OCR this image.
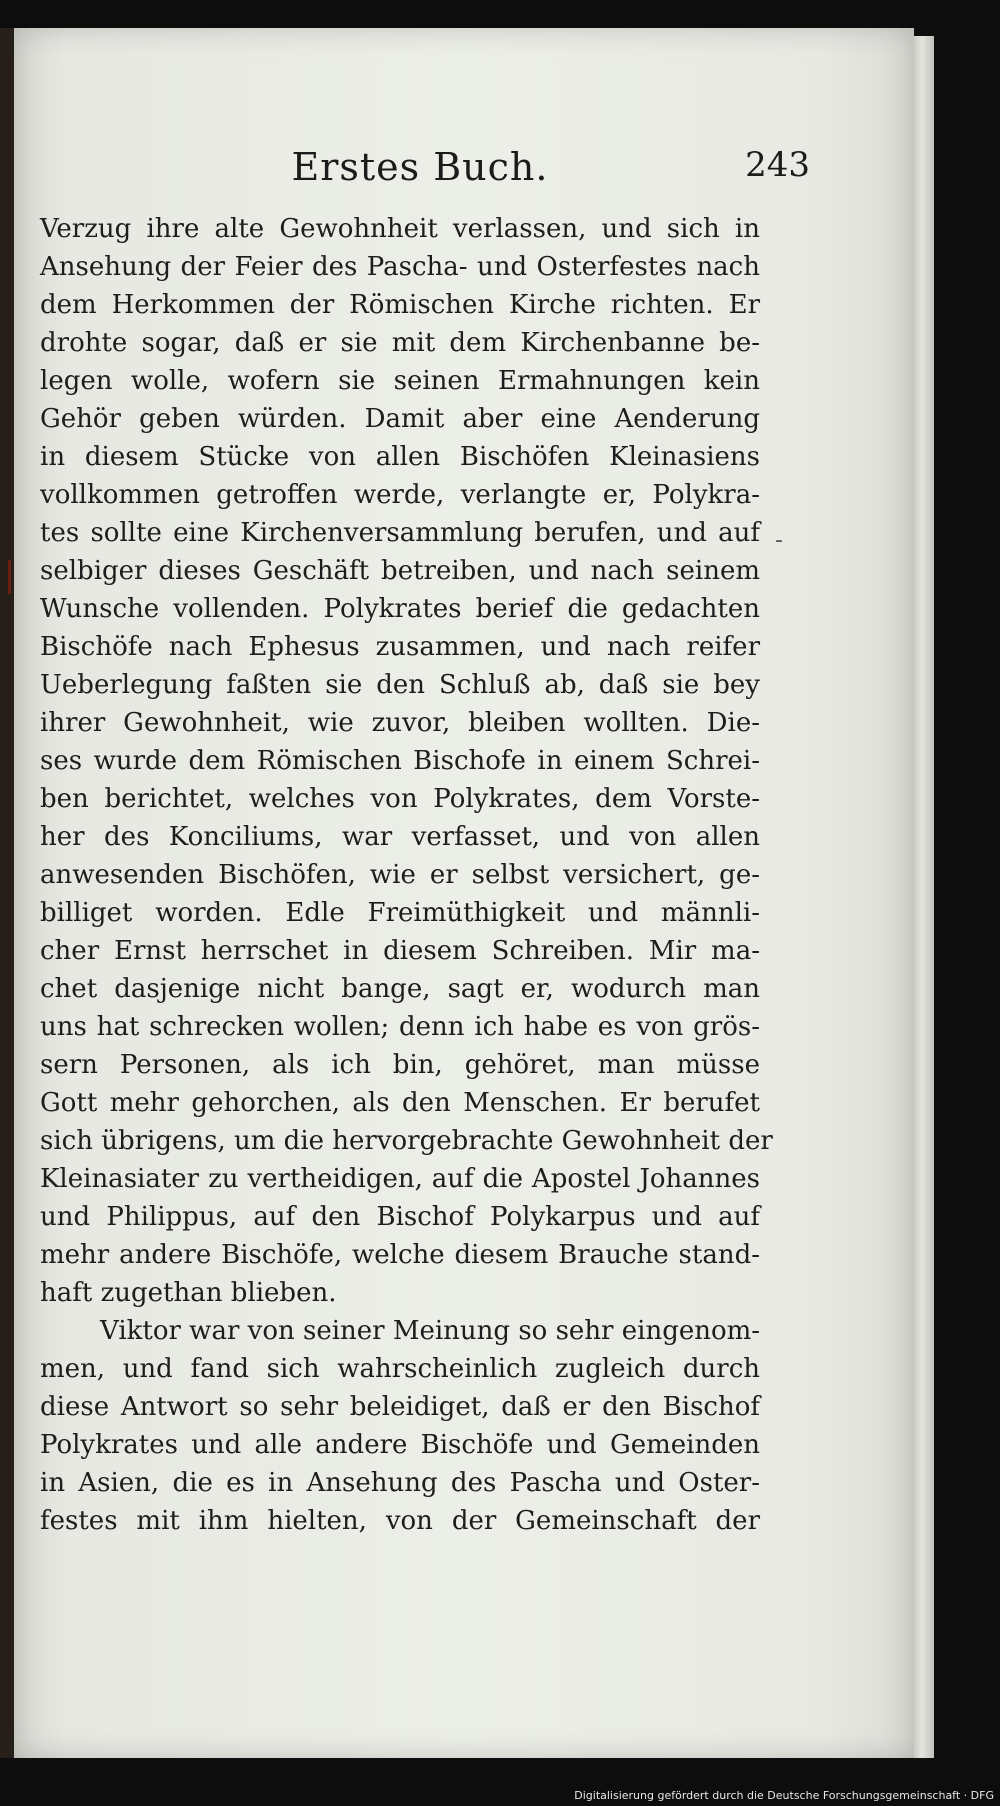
Erstes Buch.	243
Verzug ihre alte Gewohnheit verlassen, und sich in
Ansehung der Feier des Pascha- und Osterfestes nach
dem Herkommen der Römischen Kirche richten. Er
drohte sogar, daß er sie mit dem Kirchenbanne be-
legen wolle, wofern sie seinen Ermahnungen kein
Gehör geben würden. Damit aber eine Aenderung
in diesem Stücke von allen Bischöfen Kleinasiens
vollkommen getroffen werde, verlangte er, Polykra-
tes sollte eine Kirchenversammlung berufen, und auf
selbiger dieses Geschäft betreiben, und nach seinem
Wunsche vollenden. Polykrates berief die gedachten
Bischöfe nach Ephesus zusammen, und nach reifer
Ueberlegung faßten sie den Schluß ab, daß sie bey
ihrer Gewohnheit, wie zuvor, bleiben wollten. Die-
ses wurde dem Römischen Bischofe in einem Schrei-
ben berichtet, welches von Polykrates, dem Vorste-
her des Konciliums, war verfasset, und von allen
anwesenden Bischöfen, wie er selbst versichert, ge-
billiget worden. Edle Freimüthigkeit und männli-
cher Ernst herrschet in diesem Schreiben. Mir ma-
chet dasjenige nicht bange, sagt er, wodurch man
uns hat schrecken wollen; denn ich habe es von grös-
sern Personen, als ich bin, gehöret, man müsse
Gott mehr gehorchen, als den Menschen. Er berufet
sich übrigens, um die hervorgebrachte Gewohnheit der
Kleinasiater zu vertheidigen, auf die Apostel Johannes
und Philippus, auf den Bischof Polykarpus und auf
mehr andere Bischöfe, welche diesem Brauche stand-
haft zugethan blieben.
Viktor war von seiner Meinung so sehr eingenom-
men, und fand sich wahrscheinlich zugleich durch
diese Antwort so sehr beleidiget, daß er den Bischof
Polykrates und alle andere Bischöfe und Gemeinden
in Asien, die es in Ansehung des Pascha und Oster-
festes mit ihm hielten, von der Gemeinschaft der
-
Digitalisierung gefördert durch die Deutsche Forschungsgemeinschaft · DFG
